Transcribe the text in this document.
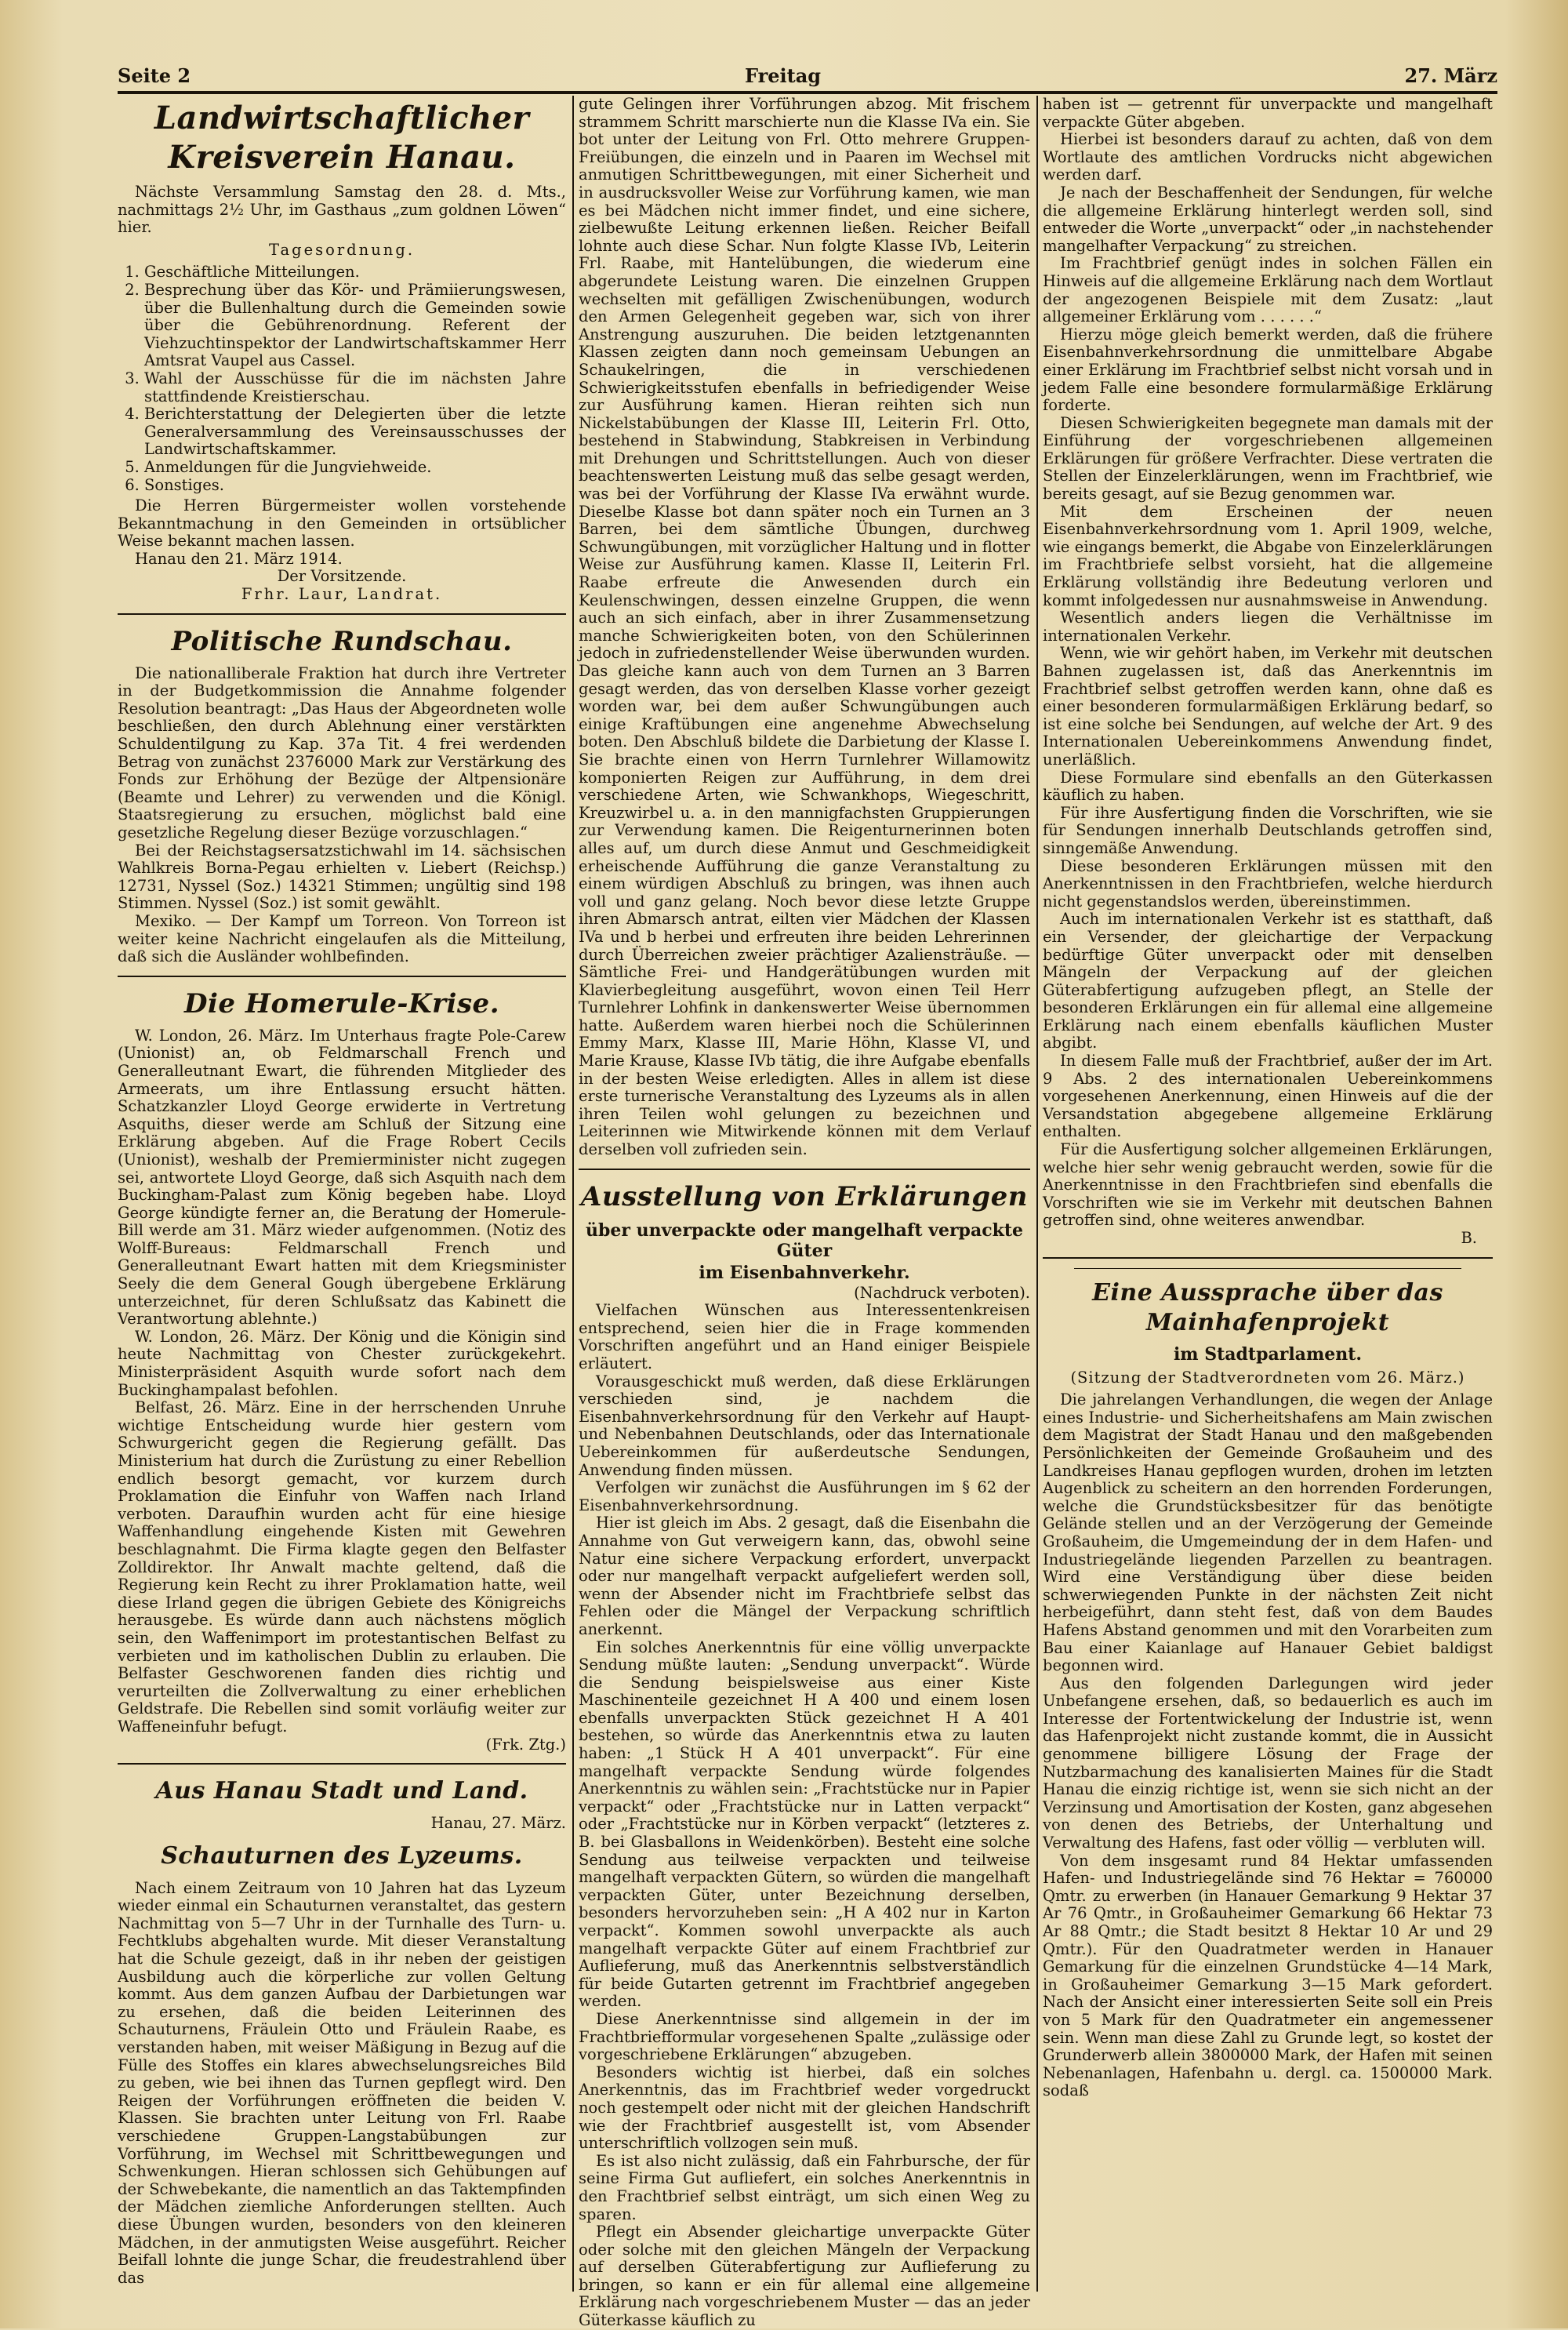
Seite 2	Freitag	27. März
Landwirtschaftlicher Kreisverein Hanau.

Nächste Versammlung Samstag den 28. d. Mts., nachmittags 2½ Uhr, im Gasthaus „zum goldnen Löwen“ hier.

Tagesordnung.

1. Geschäftliche Mitteilungen.
2. Besprechung über das Kör- und Prämiierungswesen, über die Bullenhaltung durch die Gemeinden sowie über die Gebührenordnung. Referent der Viehzuchtinspektor der Landwirtschaftskammer Herr Amtsrat Vaupel aus Cassel.
3. Wahl der Ausschüsse für die im nächsten Jahre stattfindende Kreistierschau.
4. Berichterstattung der Delegierten über die letzte Generalversammlung des Vereinsausschusses der Landwirtschaftskammer.
5. Anmeldungen für die Jungviehweide.
6. Sonstiges.

Die Herren Bürgermeister wollen vorstehende Bekanntmachung in den Gemeinden in ortsüblicher Weise bekannt machen lassen.

Hanau den 21. März 1914.

Der Vorsitzende.

Frhr. Laur, Landrat.

Politische Rundschau.

Die nationalliberale Fraktion hat durch ihre Vertreter in der Budgetkommission die Annahme folgender Resolution beantragt: „Das Haus der Abgeordneten wolle beschließen, den durch Ablehnung einer verstärkten Schuldentilgung zu Kap. 37a Tit. 4 frei werdenden Betrag von zunächst 2376000 Mark zur Verstärkung des Fonds zur Erhöhung der Bezüge der Altpensionäre (Beamte und Lehrer) zu verwenden und die Königl. Staatsregierung zu ersuchen, möglichst bald eine gesetzliche Regelung dieser Bezüge vorzuschlagen.“

Bei der Reichstagsersatzstichwahl im 14. sächsischen Wahlkreis Borna-Pegau erhielten v. Liebert (Reichsp.) 12731, Nyssel (Soz.) 14321 Stimmen; ungültig sind 198 Stimmen. Nyssel (Soz.) ist somit gewählt.

Mexiko. — Der Kampf um Torreon. Von Torreon ist weiter keine Nachricht eingelaufen als die Mitteilung, daß sich die Ausländer wohlbefinden.

Die Homerule-Krise.

W. London, 26. März. Im Unterhaus fragte Pole-Carew (Unionist) an, ob Feldmarschall French und Generalleutnant Ewart, die führenden Mitglieder des Armeerats, um ihre Entlassung ersucht hätten. Schatzkanzler Lloyd George erwiderte in Vertretung Asquiths, dieser werde am Schluß der Sitzung eine Erklärung abgeben. Auf die Frage Robert Cecils (Unionist), weshalb der Premierminister nicht zugegen sei, antwortete Lloyd George, daß sich Asquith nach dem Buckingham-Palast zum König begeben habe. Lloyd George kündigte ferner an, die Beratung der Homerule-Bill werde am 31. März wieder aufgenommen. (Notiz des Wolff-Bureaus: Feldmarschall French und Generalleutnant Ewart hatten mit dem Kriegsminister Seely die dem General Gough übergebene Erklärung unterzeichnet, für deren Schlußsatz das Kabinett die Verantwortung ablehnte.)

W. London, 26. März. Der König und die Königin sind heute Nachmittag von Chester zurückgekehrt. Ministerpräsident Asquith wurde sofort nach dem Buckinghampalast befohlen.

Belfast, 26. März. Eine in der herrschenden Unruhe wichtige Entscheidung wurde hier gestern vom Schwurgericht gegen die Regierung gefällt. Das Ministerium hat durch die Zurüstung zu einer Rebellion endlich besorgt gemacht, vor kurzem durch Proklamation die Einfuhr von Waffen nach Irland verboten. Daraufhin wurden acht für eine hiesige Waffenhandlung eingehende Kisten mit Gewehren beschlagnahmt. Die Firma klagte gegen den Belfaster Zolldirektor. Ihr Anwalt machte geltend, daß die Regierung kein Recht zu ihrer Proklamation hatte, weil diese Irland gegen die übrigen Gebiete des Königreichs herausgebe. Es würde dann auch nächstens möglich sein, den Waffenimport im protestantischen Belfast zu verbieten und im katholischen Dublin zu erlauben. Die Belfaster Geschworenen fanden dies richtig und verurteilten die Zollverwaltung zu einer erheblichen Geldstrafe. Die Rebellen sind somit vorläufig weiter zur Waffeneinfuhr befugt.

(Frk. Ztg.)

Aus Hanau Stadt und Land.

Hanau, 27. März.

Schauturnen des Lyzeums.

Nach einem Zeitraum von 10 Jahren hat das Lyzeum wieder einmal ein Schauturnen veranstaltet, das gestern Nachmittag von 5—7 Uhr in der Turnhalle des Turn- u. Fechtklubs abgehalten wurde. Mit dieser Veranstaltung hat die Schule gezeigt, daß in ihr neben der geistigen Ausbildung auch die körperliche zur vollen Geltung kommt. Aus dem ganzen Aufbau der Darbietungen war zu ersehen, daß die beiden Leiterinnen des Schauturnens, Fräulein Otto und Fräulein Raabe, es verstanden haben, mit weiser Mäßigung in Bezug auf die Fülle des Stoffes ein klares abwechselungsreiches Bild zu geben, wie bei ihnen das Turnen gepflegt wird. Den Reigen der Vorführungen eröffneten die beiden V. Klassen. Sie brachten unter Leitung von Frl. Raabe verschiedene Gruppen-Langstabübungen zur Vorführung, im Wechsel mit Schrittbewegungen und Schwenkungen. Hieran schlossen sich Gehübungen auf der Schwebekante, die namentlich an das Taktempfinden der Mädchen ziemliche Anforderungen stellten. Auch diese Übungen wurden, besonders von den kleineren Mädchen, in der anmutigsten Weise ausgeführt. Reicher Beifall lohnte die junge Schar, die freudestrahlend über das

gute Gelingen ihrer Vorführungen abzog. Mit frischem strammem Schritt marschierte nun die Klasse IVa ein. Sie bot unter der Leitung von Frl. Otto mehrere Gruppen-Freiübungen, die einzeln und in Paaren im Wechsel mit anmutigen Schrittbewegungen, mit einer Sicherheit und in ausdrucksvoller Weise zur Vorführung kamen, wie man es bei Mädchen nicht immer findet, und eine sichere, zielbewußte Leitung erkennen ließen. Reicher Beifall lohnte auch diese Schar. Nun folgte Klasse IVb, Leiterin Frl. Raabe, mit Hantelübungen, die wiederum eine abgerundete Leistung waren. Die einzelnen Gruppen wechselten mit gefälligen Zwischenübungen, wodurch den Armen Gelegenheit gegeben war, sich von ihrer Anstrengung auszuruhen. Die beiden letztgenannten Klassen zeigten dann noch gemeinsam Uebungen an Schaukelringen, die in verschiedenen Schwierigkeitsstufen ebenfalls in befriedigender Weise zur Ausführung kamen. Hieran reihten sich nun Nickelstabübungen der Klasse III, Leiterin Frl. Otto, bestehend in Stabwindung, Stabkreisen in Verbindung mit Drehungen und Schrittstellungen. Auch von dieser beachtenswerten Leistung muß das selbe gesagt werden, was bei der Vorführung der Klasse IVa erwähnt wurde. Dieselbe Klasse bot dann später noch ein Turnen an 3 Barren, bei dem sämtliche Übungen, durchweg Schwungübungen, mit vorzüglicher Haltung und in flotter Weise zur Ausführung kamen. Klasse II, Leiterin Frl. Raabe erfreute die Anwesenden durch ein Keulenschwingen, dessen einzelne Gruppen, die wenn auch an sich einfach, aber in ihrer Zusammensetzung manche Schwierigkeiten boten, von den Schülerinnen jedoch in zufriedenstellender Weise überwunden wurden. Das gleiche kann auch von dem Turnen an 3 Barren gesagt werden, das von derselben Klasse vorher gezeigt worden war, bei dem außer Schwungübungen auch einige Kraftübungen eine angenehme Abwechselung boten. Den Abschluß bildete die Darbietung der Klasse I. Sie brachte einen von Herrn Turnlehrer Willamowitz komponierten Reigen zur Aufführung, in dem drei verschiedene Arten, wie Schwankhops, Wiegeschritt, Kreuzwirbel u. a. in den mannigfachsten Gruppierungen zur Verwendung kamen. Die Reigenturnerinnen boten alles auf, um durch diese Anmut und Geschmeidigkeit erheischende Aufführung die ganze Veranstaltung zu einem würdigen Abschluß zu bringen, was ihnen auch voll und ganz gelang. Noch bevor diese letzte Gruppe ihren Abmarsch antrat, eilten vier Mädchen der Klassen IVa und b herbei und erfreuten ihre beiden Lehrerinnen durch Überreichen zweier prächtiger Azaliensträuße. — Sämtliche Frei- und Handgerätübungen wurden mit Klavierbegleitung ausgeführt, wovon einen Teil Herr Turnlehrer Lohfink in dankenswerter Weise übernommen hatte. Außerdem waren hierbei noch die Schülerinnen Emmy Marx, Klasse III, Marie Höhn, Klasse VI, und Marie Krause, Klasse IVb tätig, die ihre Aufgabe ebenfalls in der besten Weise erledigten. Alles in allem ist diese erste turnerische Veranstaltung des Lyzeums als in allen ihren Teilen wohl gelungen zu bezeichnen und Leiterinnen wie Mitwirkende können mit dem Verlauf derselben voll zufrieden sein.

Ausstellung von Erklärungen
über unverpackte oder mangelhaft verpackte Güter
im Eisenbahnverkehr.

(Nachdruck verboten).

Vielfachen Wünschen aus Interessentenkreisen entsprechend, seien hier die in Frage kommenden Vorschriften angeführt und an Hand einiger Beispiele erläutert.

Vorausgeschickt muß werden, daß diese Erklärungen verschieden sind, je nachdem die Eisenbahnverkehrsordnung für den Verkehr auf Haupt- und Nebenbahnen Deutschlands, oder das Internationale Uebereinkommen für außerdeutsche Sendungen, Anwendung finden müssen.

Verfolgen wir zunächst die Ausführungen im § 62 der Eisenbahnverkehrsordnung.

Hier ist gleich im Abs. 2 gesagt, daß die Eisenbahn die Annahme von Gut verweigern kann, das, obwohl seine Natur eine sichere Verpackung erfordert, unverpackt oder nur mangelhaft verpackt aufgeliefert werden soll, wenn der Absender nicht im Frachtbriefe selbst das Fehlen oder die Mängel der Verpackung schriftlich anerkennt.

Ein solches Anerkenntnis für eine völlig unverpackte Sendung müßte lauten: „Sendung unverpackt“. Würde die Sendung beispielsweise aus einer Kiste Maschinenteile gezeichnet H A 400 und einem losen ebenfalls unverpackten Stück gezeichnet H A 401 bestehen, so würde das Anerkenntnis etwa zu lauten haben: „1 Stück H A 401 unverpackt“. Für eine mangelhaft verpackte Sendung würde folgendes Anerkenntnis zu wählen sein: „Frachtstücke nur in Papier verpackt“ oder „Frachtstücke nur in Latten verpackt“ oder „Frachtstücke nur in Körben verpackt“ (letzteres z. B. bei Glasballons in Weidenkörben). Besteht eine solche Sendung aus teilweise verpackten und teilweise mangelhaft verpackten Gütern, so würden die mangelhaft verpackten Güter, unter Bezeichnung derselben, besonders hervorzuheben sein: „H A 402 nur in Karton verpackt“. Kommen sowohl unverpackte als auch mangelhaft verpackte Güter auf einem Frachtbrief zur Auflieferung, muß das Anerkenntnis selbstverständlich für beide Gutarten getrennt im Frachtbrief angegeben werden.

Diese Anerkenntnisse sind allgemein in der im Frachtbriefformular vorgesehenen Spalte „zulässige oder vorgeschriebene Erklärungen“ abzugeben.

Besonders wichtig ist hierbei, daß ein solches Anerkenntnis, das im Frachtbrief weder vorgedruckt noch gestempelt oder nicht mit der gleichen Handschrift wie der Frachtbrief ausgestellt ist, vom Absender unterschriftlich vollzogen sein muß.

Es ist also nicht zulässig, daß ein Fahrbursche, der für seine Firma Gut aufliefert, ein solches Anerkenntnis in den Frachtbrief selbst einträgt, um sich einen Weg zu sparen.

Pflegt ein Absender gleichartige unverpackte Güter oder solche mit den gleichen Mängeln der Verpackung auf derselben Güterabfertigung zur Auflieferung zu bringen, so kann er ein für allemal eine allgemeine Erklärung nach vorgeschriebenem Muster — das an jeder Güterkasse käuflich zu

haben ist — getrennt für unverpackte und mangelhaft verpackte Güter abgeben.

Hierbei ist besonders darauf zu achten, daß von dem Wortlaute des amtlichen Vordrucks nicht abgewichen werden darf.

Je nach der Beschaffenheit der Sendungen, für welche die allgemeine Erklärung hinterlegt werden soll, sind entweder die Worte „unverpackt“ oder „in nachstehender mangelhafter Verpackung“ zu streichen.

Im Frachtbrief genügt indes in solchen Fällen ein Hinweis auf die allgemeine Erklärung nach dem Wortlaut der angezogenen Beispiele mit dem Zusatz: „laut allgemeiner Erklärung vom . . . . . .“

Hierzu möge gleich bemerkt werden, daß die frühere Eisenbahnverkehrsordnung die unmittelbare Abgabe einer Erklärung im Frachtbrief selbst nicht vorsah und in jedem Falle eine besondere formularmäßige Erklärung forderte.

Diesen Schwierigkeiten begegnete man damals mit der Einführung der vorgeschriebenen allgemeinen Erklärungen für größere Verfrachter. Diese vertraten die Stellen der Einzelerklärungen, wenn im Frachtbrief, wie bereits gesagt, auf sie Bezug genommen war.

Mit dem Erscheinen der neuen Eisenbahnverkehrsordnung vom 1. April 1909, welche, wie eingangs bemerkt, die Abgabe von Einzelerklärungen im Frachtbriefe selbst vorsieht, hat die allgemeine Erklärung vollständig ihre Bedeutung verloren und kommt infolgedessen nur ausnahmsweise in Anwendung.

Wesentlich anders liegen die Verhältnisse im internationalen Verkehr.

Wenn, wie wir gehört haben, im Verkehr mit deutschen Bahnen zugelassen ist, daß das Anerkenntnis im Frachtbrief selbst getroffen werden kann, ohne daß es einer besonderen formularmäßigen Erklärung bedarf, so ist eine solche bei Sendungen, auf welche der Art. 9 des Internationalen Uebereinkommens Anwendung findet, unerläßlich.

Diese Formulare sind ebenfalls an den Güterkassen käuflich zu haben.

Für ihre Ausfertigung finden die Vorschriften, wie sie für Sendungen innerhalb Deutschlands getroffen sind, sinngemäße Anwendung.

Diese besonderen Erklärungen müssen mit den Anerkenntnissen in den Frachtbriefen, welche hierdurch nicht gegenstandslos werden, übereinstimmen.

Auch im internationalen Verkehr ist es statthaft, daß ein Versender, der gleichartige der Verpackung bedürftige Güter unverpackt oder mit denselben Mängeln der Verpackung auf der gleichen Güterabfertigung aufzugeben pflegt, an Stelle der besonderen Erklärungen ein für allemal eine allgemeine Erklärung nach einem ebenfalls käuflichen Muster abgibt.

In diesem Falle muß der Frachtbrief, außer der im Art. 9 Abs. 2 des internationalen Uebereinkommens vorgesehenen Anerkennung, einen Hinweis auf die der Versandstation abgegebene allgemeine Erklärung enthalten.

Für die Ausfertigung solcher allgemeinen Erklärungen, welche hier sehr wenig gebraucht werden, sowie für die Anerkenntnisse in den Frachtbriefen sind ebenfalls die Vorschriften wie sie im Verkehr mit deutschen Bahnen getroffen sind, ohne weiteres anwendbar.

B.

Eine Aussprache über das Mainhafenprojekt
im Stadtparlament.

(Sitzung der Stadtverordneten vom 26. März.)

Die jahrelangen Verhandlungen, die wegen der Anlage eines Industrie- und Sicherheitshafens am Main zwischen dem Magistrat der Stadt Hanau und den maßgebenden Persönlichkeiten der Gemeinde Großauheim und des Landkreises Hanau gepflogen wurden, drohen im letzten Augenblick zu scheitern an den horrenden Forderungen, welche die Grundstücksbesitzer für das benötigte Gelände stellen und an der Verzögerung der Gemeinde Großauheim, die Umgemeindung der in dem Hafen- und Industriegelände liegenden Parzellen zu beantragen. Wird eine Verständigung über diese beiden schwerwiegenden Punkte in der nächsten Zeit nicht herbeigeführt, dann steht fest, daß von dem Baudes Hafens Abstand genommen und mit den Vorarbeiten zum Bau einer Kaianlage auf Hanauer Gebiet baldigst begonnen wird.

Aus den folgenden Darlegungen wird jeder Unbefangene ersehen, daß, so bedauerlich es auch im Interesse der Fortentwickelung der Industrie ist, wenn das Hafenprojekt nicht zustande kommt, die in Aussicht genommene billigere Lösung der Frage der Nutzbarmachung des kanalisierten Maines für die Stadt Hanau die einzig richtige ist, wenn sie sich nicht an der Verzinsung und Amortisation der Kosten, ganz abgesehen von denen des Betriebs, der Unterhaltung und Verwaltung des Hafens, fast oder völlig — verbluten will.

Von dem insgesamt rund 84 Hektar umfassenden Hafen- und Industriegelände sind 76 Hektar = 760000 Qmtr. zu erwerben (in Hanauer Gemarkung 9 Hektar 37 Ar 76 Qmtr., in Großauheimer Gemarkung 66 Hektar 73 Ar 88 Qmtr.; die Stadt besitzt 8 Hektar 10 Ar und 29 Qmtr.). Für den Quadratmeter werden in Hanauer Gemarkung für die einzelnen Grundstücke 4—14 Mark, in Großauheimer Gemarkung 3—15 Mark gefordert. Nach der Ansicht einer interessierten Seite soll ein Preis von 5 Mark für den Quadratmeter ein angemessener sein. Wenn man diese Zahl zu Grunde legt, so kostet der Grunderwerb allein 3800000 Mark, der Hafen mit seinen Nebenanlagen, Hafenbahn u. dergl. ca. 1500000 Mark. sodaß
